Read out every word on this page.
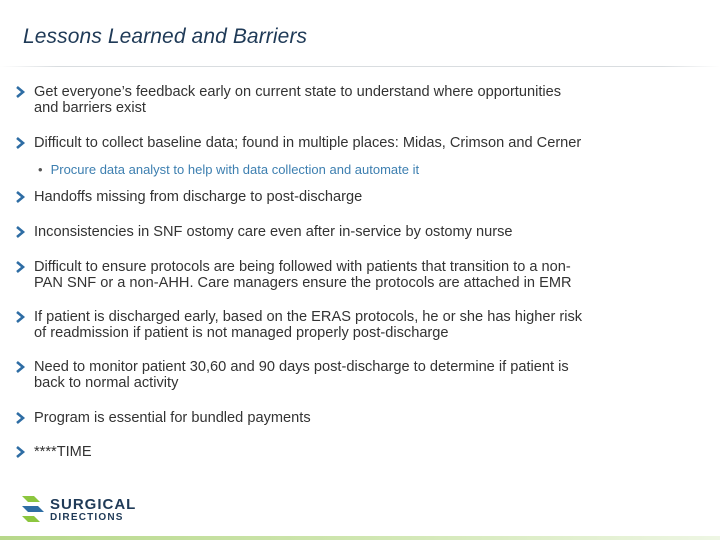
Lessons Learned and Barriers
Get everyone’s feedback early on current state to understand where opportunities
and barriers exist
Difficult to collect baseline data; found in multiple places: Midas, Crimson and Cerner
• Procure data analyst to help with data collection and automate it
Handoffs missing from discharge to post-discharge
Inconsistencies in SNF ostomy care even after in-service by ostomy nurse
Difficult to ensure protocols are being followed with patients that transition to a non-
PAN SNF or a non-AHH. Care managers ensure the protocols are attached in EMR
If patient is discharged early, based on the ERAS protocols, he or she has higher risk
of readmission if patient is not managed properly post-discharge
Need to monitor patient 30,60 and 90 days post-discharge to determine if patient is
back to normal activity
Program is essential for bundled payments
****TIME
SURGICAL
DIRECTIONS
